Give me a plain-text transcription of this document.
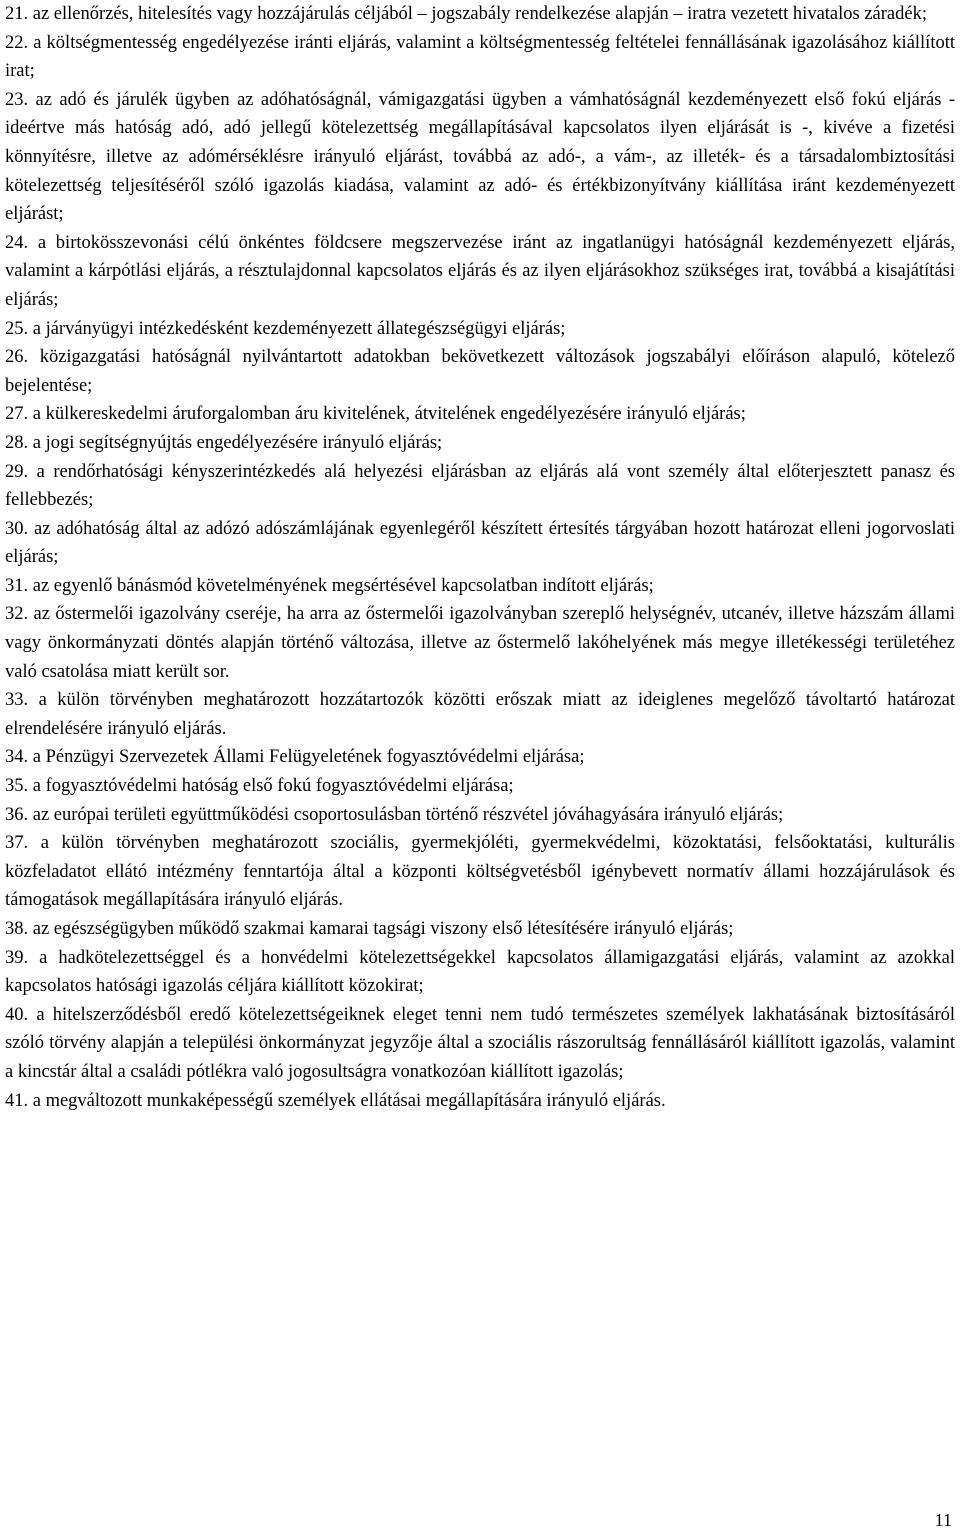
21. az ellenőrzés, hitelesítés vagy hozzájárulás céljából – jogszabály rendelkezése alapján – iratra vezetett hivatalos záradék;

22. a költségmentesség engedélyezése iránti eljárás, valamint a költségmentesség feltételei fennállásának igazolásához kiállított irat;

23. az adó és járulék ügyben az adóhatóságnál, vámigazgatási ügyben a vámhatóságnál kezdeményezett első fokú eljárás - ideértve más hatóság adó, adó jellegű kötelezettség megállapításával kapcsolatos ilyen eljárását is -, kivéve a fizetési könnyítésre, illetve az adómérséklésre irányuló eljárást, továbbá az adó-, a vám-, az illeték- és a társadalombiztosítási kötelezettség teljesítéséről szóló igazolás kiadása, valamint az adó- és értékbizonyítvány kiállítása iránt kezdeményezett eljárást;

24. a birtokösszevonási célú önkéntes földcsere megszervezése iránt az ingatlanügyi hatóságnál kezdeményezett eljárás, valamint a kárpótlási eljárás, a résztulajdonnal kapcsolatos eljárás és az ilyen eljárásokhoz szükséges irat, továbbá a kisajátítási eljárás;

25. a járványügyi intézkedésként kezdeményezett állategészségügyi eljárás;

26. közigazgatási hatóságnál nyilvántartott adatokban bekövetkezett változások jogszabályi előíráson alapuló, kötelező bejelentése;

27. a külkereskedelmi áruforgalomban áru kivitelének, átvitelének engedélyezésére irányuló eljárás;

28. a jogi segítségnyújtás engedélyezésére irányuló eljárás;

29. a rendőrhatósági kényszerintézkedés alá helyezési eljárásban az eljárás alá vont személy által előterjesztett panasz és fellebbezés;

30. az adóhatóság által az adózó adószámlájának egyenlegéről készített értesítés tárgyában hozott határozat elleni jogorvoslati eljárás;

31. az egyenlő bánásmód követelményének megsértésével kapcsolatban indított eljárás;

32. az őstermelői igazolvány cseréje, ha arra az őstermelői igazolványban szereplő helységnév, utcanév, illetve házszám állami vagy önkormányzati döntés alapján történő változása, illetve az őstermelő lakóhelyének más megye illetékességi területéhez való csatolása miatt került sor.

33. a külön törvényben meghatározott hozzátartozók közötti erőszak miatt az ideiglenes megelőző távoltartó határozat elrendelésére irányuló eljárás.

34. a Pénzügyi Szervezetek Állami Felügyeletének fogyasztóvédelmi eljárása;

35. a fogyasztóvédelmi hatóság első fokú fogyasztóvédelmi eljárása;

36. az európai területi együttműködési csoportosulásban történő részvétel jóváhagyására irányuló eljárás;

37. a külön törvényben meghatározott szociális, gyermekjóléti, gyermekvédelmi, közoktatási, felsőoktatási, kulturális közfeladatot ellátó intézmény fenntartója által a központi költségvetésből igénybevett normatív állami hozzájárulások és támogatások megállapítására irányuló eljárás.

38. az egészségügyben működő szakmai kamarai tagsági viszony első létesítésére irányuló eljárás;

39. a hadkötelezettséggel és a honvédelmi kötelezettségekkel kapcsolatos államigazgatási eljárás, valamint az azokkal kapcsolatos hatósági igazolás céljára kiállított közokirat;

40. a hitelszerződésből eredő kötelezettségeiknek eleget tenni nem tudó természetes személyek lakhatásának biztosításáról szóló törvény alapján a települési önkormányzat jegyzője által a szociális rászorultság fennállásáról kiállított igazolás, valamint a kincstár által a családi pótlékra való jogosultságra vonatkozóan kiállított igazolás;

41. a megváltozott munkaképességű személyek ellátásai megállapítására irányuló eljárás.

11
